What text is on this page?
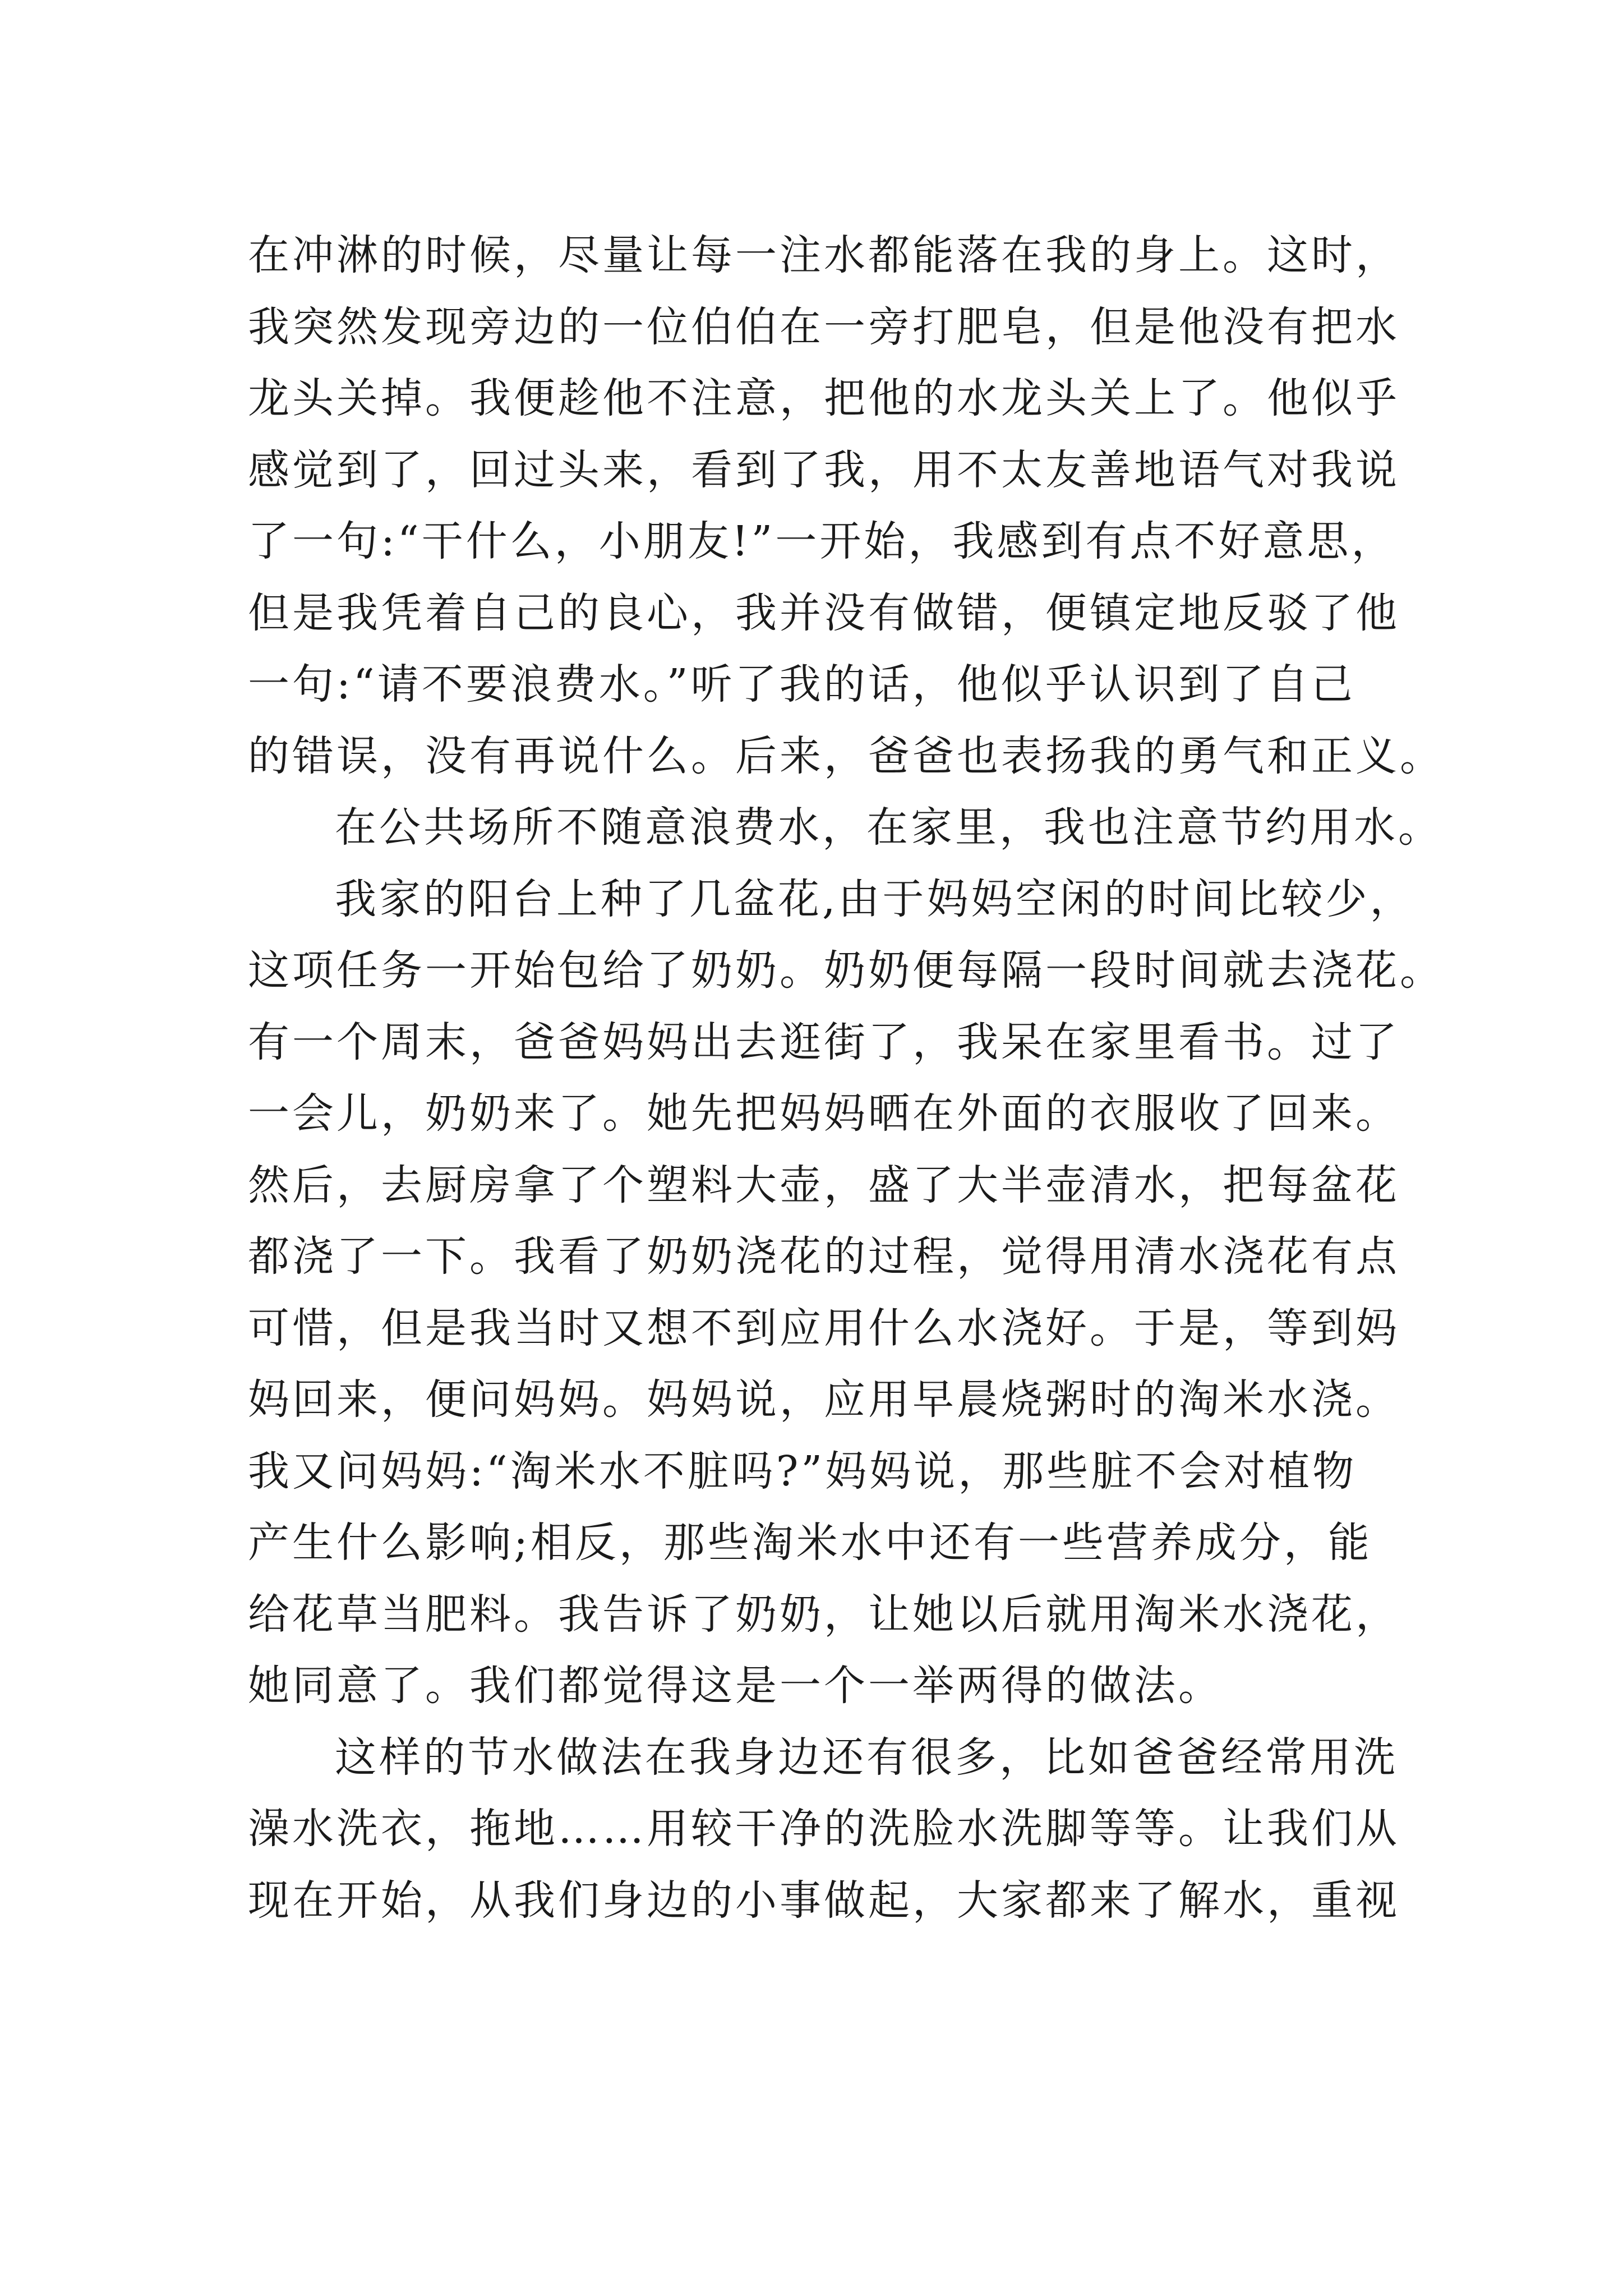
在冲淋的时候，尽量让每一注水都能落在我的身上。这时，
我突然发现旁边的一位伯伯在一旁打肥皂，但是他没有把水
龙头关掉。我便趁他不注意，把他的水龙头关上了。他似乎
感觉到了，回过头来，看到了我，用不太友善地语气对我说
了一句:“干什么，小朋友!”一开始，我感到有点不好意思，
但是我凭着自己的良心，我并没有做错，便镇定地反驳了他
一句:“请不要浪费水。”听了我的话，他似乎认识到了自己
的错误，没有再说什么。后来，爸爸也表扬我的勇气和正义。
在公共场所不随意浪费水，在家里，我也注意节约用水。
我家的阳台上种了几盆花,由于妈妈空闲的时间比较少，
这项任务一开始包给了奶奶。奶奶便每隔一段时间就去浇花。
有一个周末，爸爸妈妈出去逛街了，我呆在家里看书。过了
一会儿，奶奶来了。她先把妈妈晒在外面的衣服收了回来。
然后，去厨房拿了个塑料大壶，盛了大半壶清水，把每盆花
都浇了一下。我看了奶奶浇花的过程，觉得用清水浇花有点
可惜，但是我当时又想不到应用什么水浇好。于是，等到妈
妈回来，便问妈妈。妈妈说，应用早晨烧粥时的淘米水浇。
我又问妈妈:“淘米水不脏吗?”妈妈说，那些脏不会对植物
产生什么影响;相反，那些淘米水中还有一些营养成分，能
给花草当肥料。我告诉了奶奶，让她以后就用淘米水浇花，
她同意了。我们都觉得这是一个一举两得的做法。
这样的节水做法在我身边还有很多，比如爸爸经常用洗
澡水洗衣，拖地……用较干净的洗脸水洗脚等等。让我们从
现在开始，从我们身边的小事做起，大家都来了解水，重视
